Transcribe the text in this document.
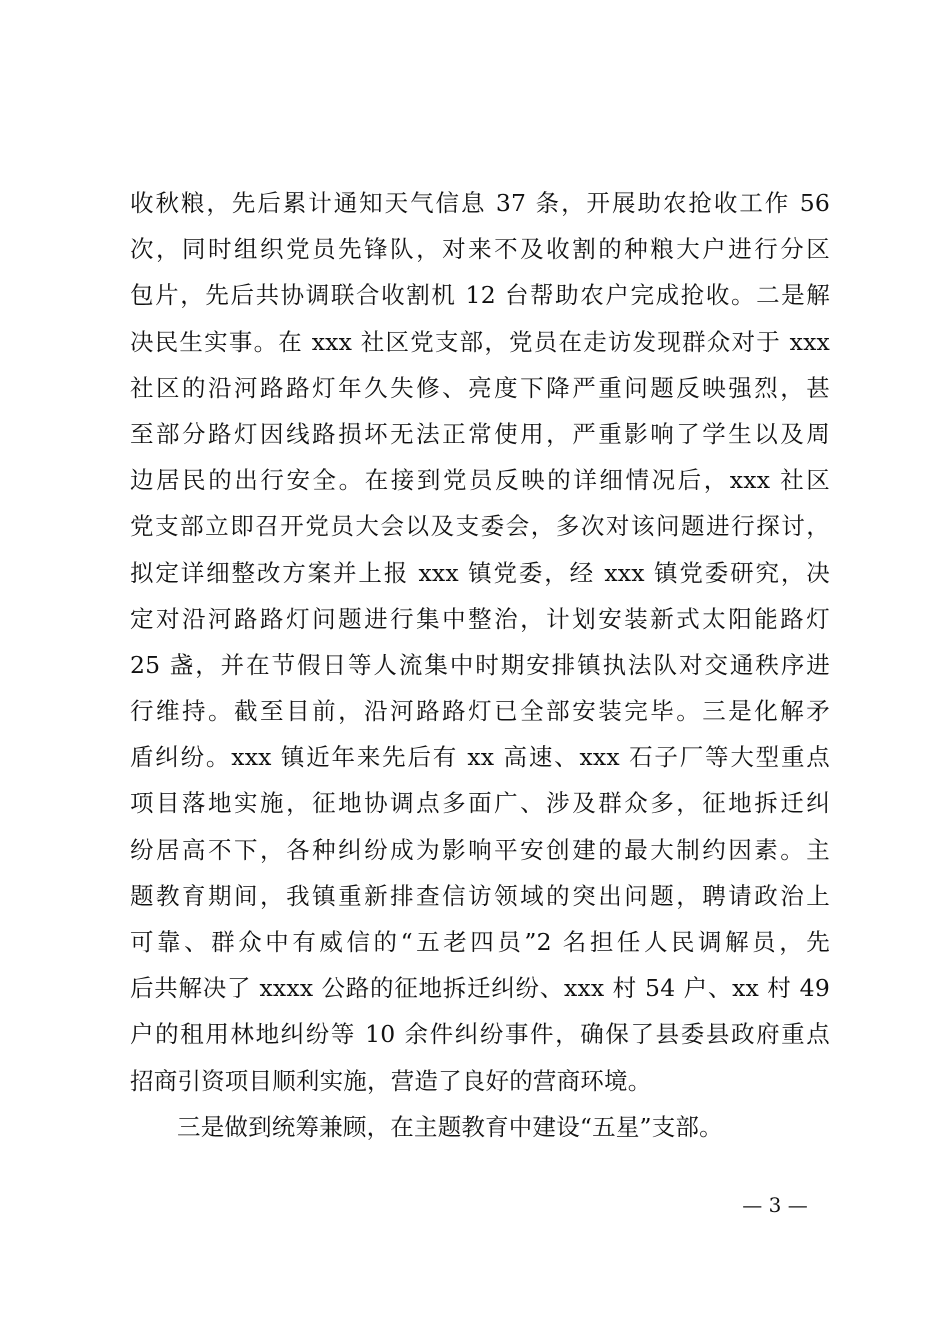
收秋粮，先后累计通知天气信息 37 条，开展助农抢收工作 56
次，同时组织党员先锋队，对来不及收割的种粮大户进行分区
包片，先后共协调联合收割机 12 台帮助农户完成抢收。二是解
决民生实事。在 xxx 社区党支部，党员在走访发现群众对于 xxx
社区的沿河路路灯年久失修、亮度下降严重问题反映强烈，甚
至部分路灯因线路损坏无法正常使用，严重影响了学生以及周
边居民的出行安全。在接到党员反映的详细情况后，xxx 社区
党支部立即召开党员大会以及支委会，多次对该问题进行探讨，
拟定详细整改方案并上报 xxx 镇党委，经 xxx 镇党委研究，决
定对沿河路路灯问题进行集中整治，计划安装新式太阳能路灯
25 盏，并在节假日等人流集中时期安排镇执法队对交通秩序进
行维持。截至目前，沿河路路灯已全部安装完毕。三是化解矛
盾纠纷。xxx 镇近年来先后有 xx 高速、xxx 石子厂等大型重点
项目落地实施，征地协调点多面广、涉及群众多，征地拆迁纠
纷居高不下，各种纠纷成为影响平安创建的最大制约因素。主
题教育期间，我镇重新排查信访领域的突出问题，聘请政治上
可靠、群众中有威信的“五老四员”2 名担任人民调解员，先
后共解决了 xxxx 公路的征地拆迁纠纷、xxx 村 54 户、xx 村 49
户的租用林地纠纷等 10 余件纠纷事件，确保了县委县政府重点
招商引资项目顺利实施，营造了良好的营商环境。
三是做到统筹兼顾，在主题教育中建设“五星”支部。
— 3 —
